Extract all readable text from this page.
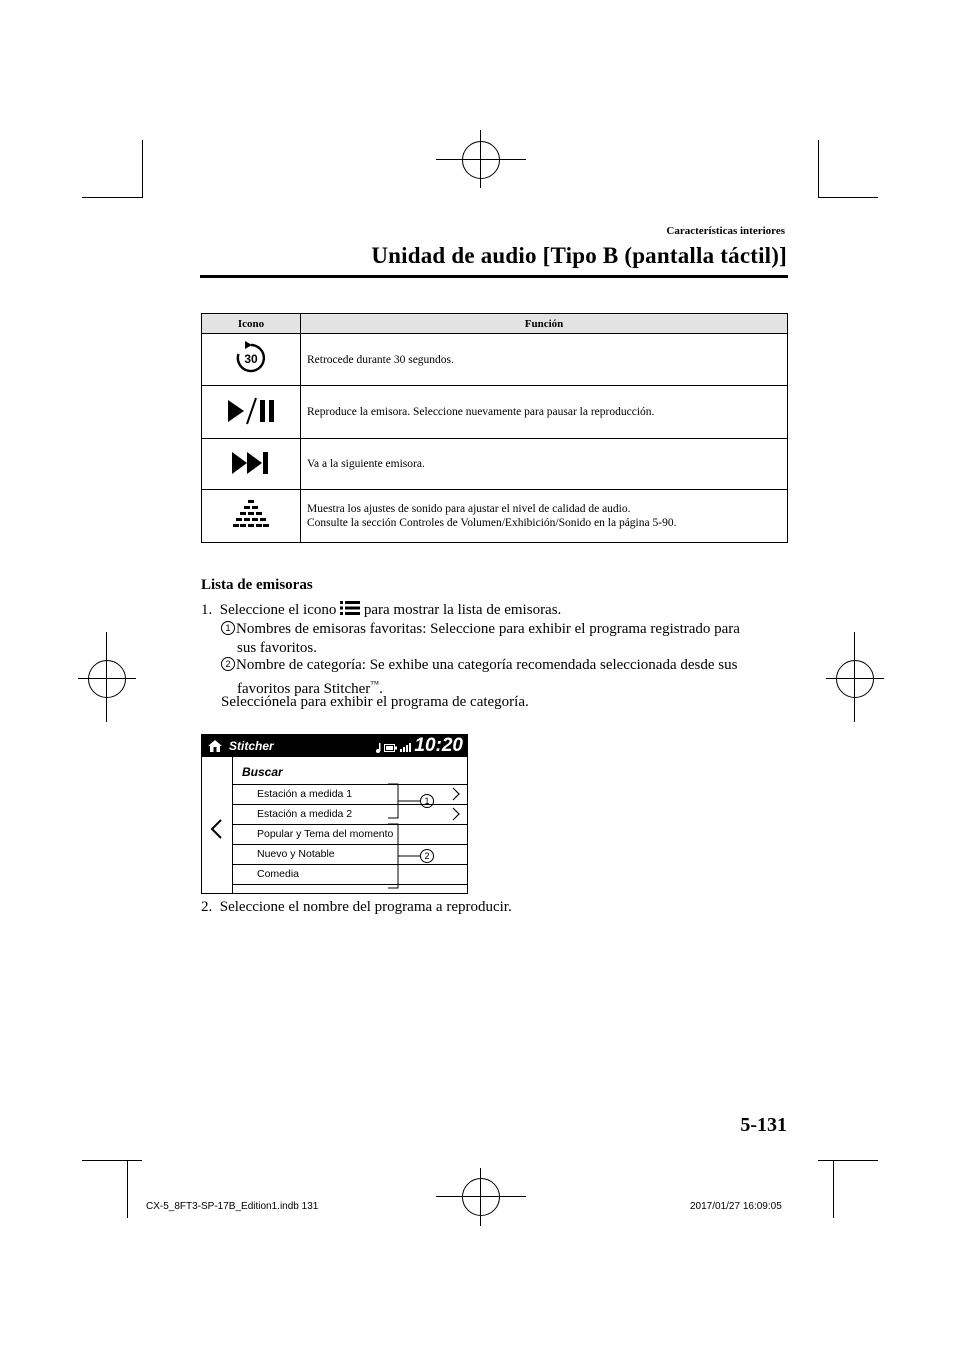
Características interiores
Unidad de audio [Tipo B (pantalla táctil)]
Icono	Función

30	Retrocede durante 30 segundos.

Reproduce la emisora. Seleccione nuevamente para pausar la reproducción.

Va a la siguiente emisora.

Muestra los ajustes de sonido para ajustar el nivel de calidad de audio.
Consulte la sección Controles de Volumen/Exhibición/Sonido en la página 5-90.
Lista de emisoras
1. Seleccione el icono para mostrar la lista de emisoras.
1 Nombres de emisoras favoritas: Seleccione para exhibir el programa registrado para
sus favoritos.
2 Nombre de categoría: Se exhibe una categoría recomendada seleccionada desde sus
favoritos para Stitcher™.
Selecciónela para exhibir el programa de categoría.
Stitcher	10:20
Buscar
Estación a medida 1
Estación a medida 2
Popular y Tema del momento
Nuevo y Notable
Comedia
1
2
2. Seleccione el nombre del programa a reproducir.
5-131
CX-5_8FT3-SP-17B_Edition1.indb 131	2017/01/27 16:09:05
